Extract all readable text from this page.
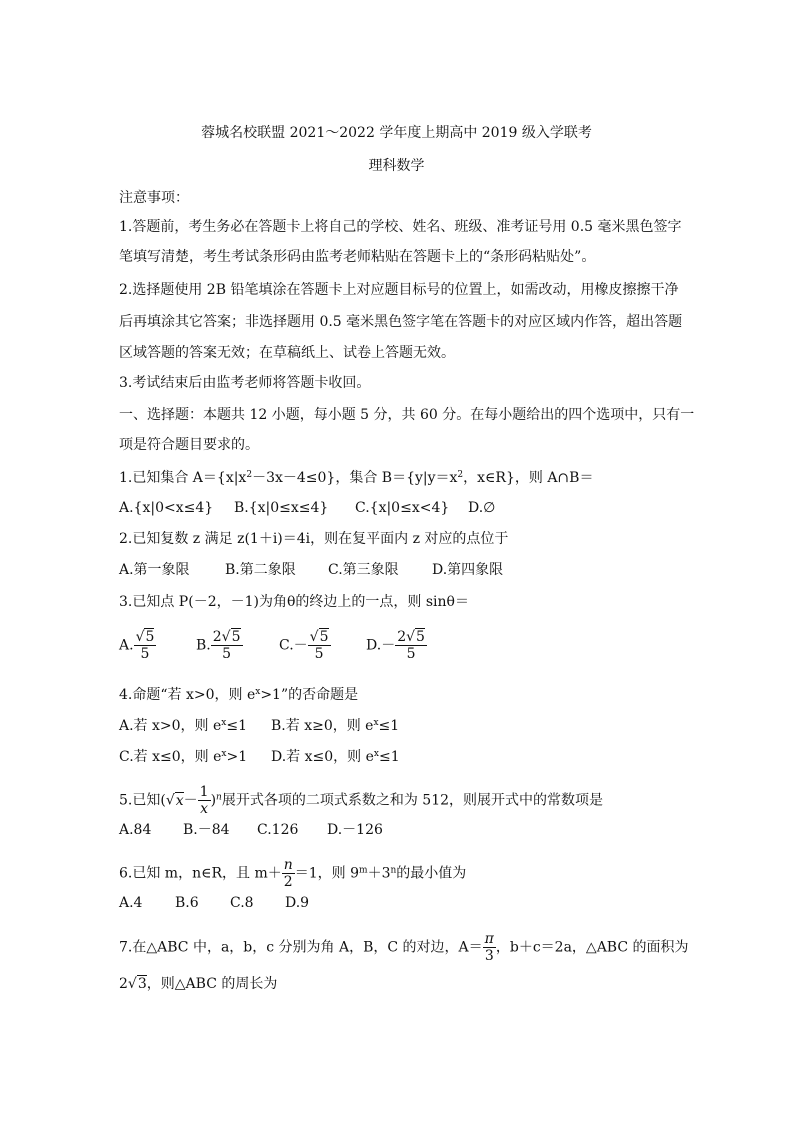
蓉城名校联盟 2021～2022 学年度上期高中 2019 级入学联考
理科数学
注意事项：
1.答题前，考生务必在答题卡上将自己的学校、姓名、班级、准考证号用 0.5 毫米黑色签字
笔填写清楚，考生考试条形码由监考老师粘贴在答题卡上的“条形码粘贴处”。
2.选择题使用 2B 铅笔填涂在答题卡上对应题目标号的位置上，如需改动，用橡皮擦擦干净
后再填涂其它答案；非选择题用 0.5 毫米黑色签字笔在答题卡的对应区域内作答，超出答题
区域答题的答案无效；在草稿纸上、试卷上答题无效。
3.考试结束后由监考老师将答题卡收回。
一、选择题：本题共 12 小题，每小题 5 分，共 60 分。在每小题给出的四个选项中，只有一
项是符合题目要求的。
1.已知集合 $A=\{x|x^2-3x-4\le 0\}$，集合 $B=\{y|y=x^2$，x∈R}，则 A∩B＝
A.{x|0<x≤4} B.{x|0≤x≤4} C.{x|0≤x<4} D.∅
2.已知复数 z 满足 z(1＋i)＝4i，则在复平面内 z 对应的点位于
A.第一象限	B.第二象限 C.第三象限 D.第四象限
3.已知点 P(－2，－1)为角θ的终边上的一点，则 sinθ＝
A. $\frac{√5}{5}$	B. $\frac{2√5}{5}$	$C.- \frac{√5}{5}$	$D.- \frac{2√5}{5}$
4.命题“若 x>0，则 $e^x>1$”的否命题是
A.若 x>0，则 $e^x\le 1$ B.若 x≥0，则 $e^x\le 1$
C.若 x≤0，则 $e^x>1$ D.若 x≤0，则 $e^x\le 1$
5.已知$(√x- \frac{1}{x} )^n$展开式各项的二项式系数之和为 512，则展开式中的常数项是
A.84 B.－84 C.126 D.－126
6.已知 m，n∈R，且 $m+ \frac{n}{2} =1$，则 $9^m+3^n$的最小值为
A.4 B.6 C.8 D.9
7.在△ABC 中，a，b，c 分别为角 A，B，C 的对边，$A= \frac{\pi}{3}$ ，b＋c＝2a，△ABC 的面积为
2√3，则△ABC 的周长为
